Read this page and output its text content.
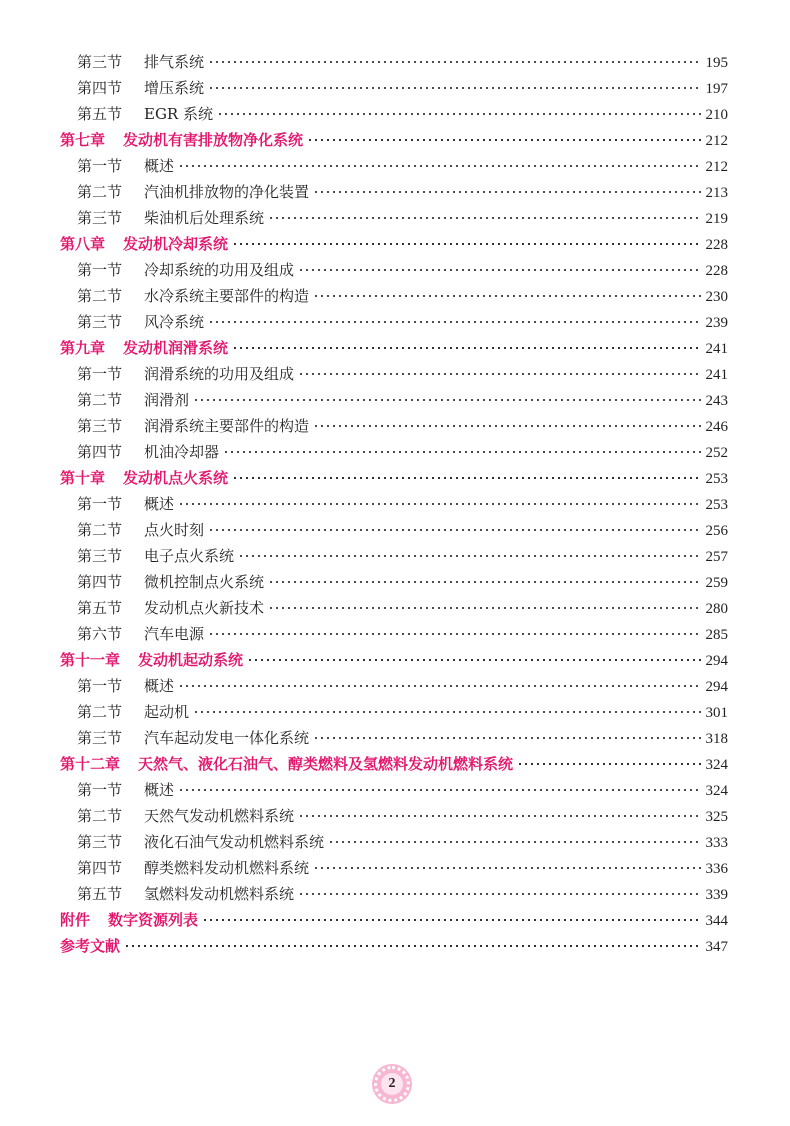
第三节	排气系统	195
第四节	增压系统	197
第五节	EGR 系统	210
第七章 发动机有害排放物净化系统	212
第一节	概述	212
第二节	汽油机排放物的净化装置	213
第三节	柴油机后处理系统	219
第八章 发动机冷却系统	228
第一节	冷却系统的功用及组成	228
第二节	水冷系统主要部件的构造	230
第三节	风冷系统	239
第九章 发动机润滑系统	241
第一节	润滑系统的功用及组成	241
第二节	润滑剂	243
第三节	润滑系统主要部件的构造	246
第四节	机油冷却器	252
第十章 发动机点火系统	253
第一节	概述	253
第二节	点火时刻	256
第三节	电子点火系统	257
第四节	微机控制点火系统	259
第五节	发动机点火新技术	280
第六节	汽车电源	285
第十一章 发动机起动系统	294
第一节	概述	294
第二节	起动机	301
第三节	汽车起动发电一体化系统	318
第十二章 天然气、液化石油气、醇类燃料及氢燃料发动机燃料系统	324
第一节	概述	324
第二节	天然气发动机燃料系统	325
第三节	液化石油气发动机燃料系统	333
第四节	醇类燃料发动机燃料系统	336
第五节	氢燃料发动机燃料系统	339
附件 数字资源列表	344
参考文献	347
2
